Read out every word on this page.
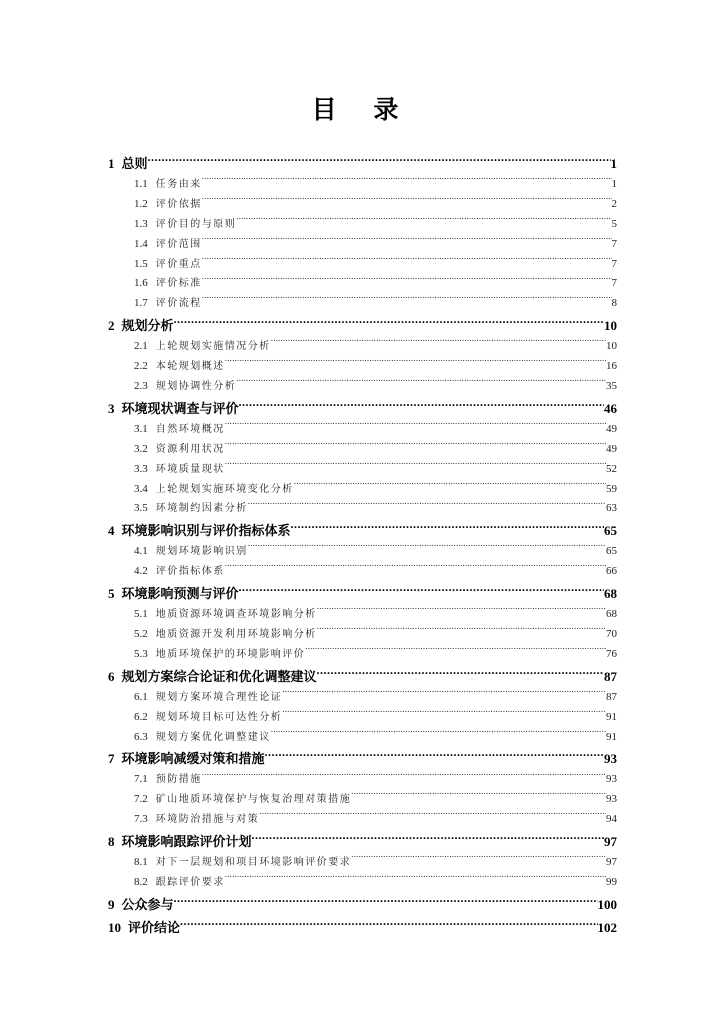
目 录
1 总则 .....	1
1.1 任务由来 .....	1
1.2 评价依据 .....	2
1.3 评价目的与原则 .....	5
1.4 评价范围 .....	7
1.5 评价重点 .....	7
1.6 评价标准 .....	7
1.7 评价流程 .....	8
2 规划分析 .....	10
2.1 上轮规划实施情况分析 .....	10
2.2 本轮规划概述 .....	16
2.3 规划协调性分析 .....	35
3 环境现状调查与评价 .....	46
3.1 自然环境概况 .....	49
3.2 资源利用状况 .....	49
3.3 环境质量现状 .....	52
3.4 上轮规划实施环境变化分析 .....	59
3.5 环境制约因素分析 .....	63
4 环境影响识别与评价指标体系 .....	65
4.1 规划环境影响识别 .....	65
4.2 评价指标体系 .....	66
5 环境影响预测与评价 .....	68
5.1 地质资源环境调查环境影响分析 .....	68
5.2 地质资源开发利用环境影响分析 .....	70
5.3 地质环境保护的环境影响评价 .....	76
6 规划方案综合论证和优化调整建议 .....	87
6.1 规划方案环境合理性论证 .....	87
6.2 规划环境目标可达性分析 .....	91
6.3 规划方案优化调整建议 .....	91
7 环境影响减缓对策和措施 .....	93
7.1 预防措施 .....	93
7.2 矿山地质环境保护与恢复治理对策措施 .....	93
7.3 环境防治措施与对策 .....	94
8 环境影响跟踪评价计划 .....	97
8.1 对下一层规划和项目环境影响评价要求 .....	97
8.2 跟踪评价要求 .....	99
9 公众参与 .....	100
10 评价结论 .....	102
